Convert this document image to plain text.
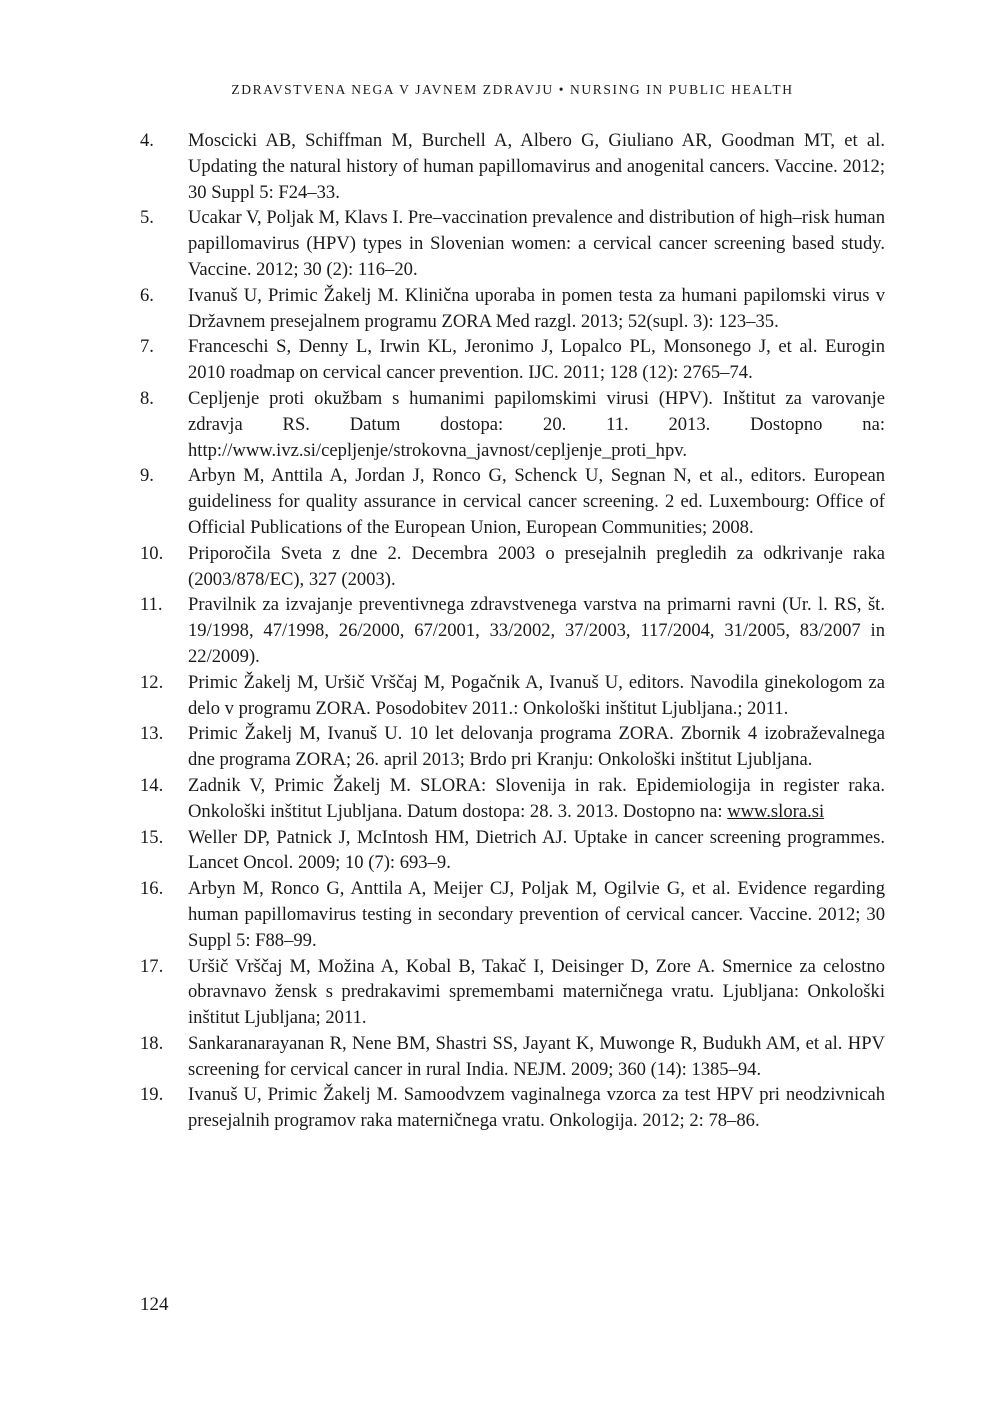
ZDRAVSTVENA NEGA V JAVNEM ZDRAVJU • NURSING IN PUBLIC HEALTH
4.	Moscicki AB, Schiffman M, Burchell A, Albero G, Giuliano AR, Goodman MT, et al. Updating the natural history of human papillomavirus and anogenital cancers. Vaccine. 2012; 30 Suppl 5: F24–33.
5.	Ucakar V, Poljak M, Klavs I. Pre–vaccination prevalence and distribution of high–risk human papillomavirus (HPV) types in Slovenian women: a cervical cancer screening based study. Vaccine. 2012; 30 (2): 116–20.
6.	Ivanuš U, Primic Žakelj M. Klinična uporaba in pomen testa za humani papilomski virus v Državnem presejalnem programu ZORA Med razgl. 2013; 52(supl. 3): 123–35.
7.	Franceschi S, Denny L, Irwin KL, Jeronimo J, Lopalco PL, Monsonego J, et al. Eurogin 2010 roadmap on cervical cancer prevention. IJC. 2011; 128 (12): 2765–74.
8.	Cepljenje proti okužbam s humanimi papilomskimi virusi (HPV). Inštitut za varovanje zdravja RS. Datum dostopa: 20. 11. 2013. Dostopno na: http://www.ivz.si/cepljenje/strokovna_javnost/cepljenje_proti_hpv.
9.	Arbyn M, Anttila A, Jordan J, Ronco G, Schenck U, Segnan N, et al., editors. European guideliness for quality assurance in cervical cancer screening. 2 ed. Luxembourg: Office of Official Publications of the European Union, European Communities; 2008.
10.	Priporočila Sveta z dne 2. Decembra 2003 o presejalnih pregledih za odkrivanje raka (2003/878/EC), 327 (2003).
11.	Pravilnik za izvajanje preventivnega zdravstvenega varstva na primarni ravni (Ur. l. RS, št. 19/1998, 47/1998, 26/2000, 67/2001, 33/2002, 37/2003, 117/2004, 31/2005, 83/2007 in 22/2009).
12.	Primic Žakelj M, Uršič Vrščaj M, Pogačnik A, Ivanuš U, editors. Navodila ginekologom za delo v programu ZORA. Posodobitev 2011.: Onkološki inštitut Ljubljana.; 2011.
13.	Primic Žakelj M, Ivanuš U. 10 let delovanja programa ZORA. Zbornik 4 izobraževalnega dne programa ZORA; 26. april 2013; Brdo pri Kranju: Onkološki inštitut Ljubljana.
14.	Zadnik V, Primic Žakelj M. SLORA: Slovenija in rak. Epidemiologija in register raka. Onkološki inštitut Ljubljana. Datum dostopa: 28. 3. 2013. Dostopno na: www.slora.si
15.	Weller DP, Patnick J, McIntosh HM, Dietrich AJ. Uptake in cancer screening programmes. Lancet Oncol. 2009; 10 (7): 693–9.
16.	Arbyn M, Ronco G, Anttila A, Meijer CJ, Poljak M, Ogilvie G, et al. Evidence regarding human papillomavirus testing in secondary prevention of cervical cancer. Vaccine. 2012; 30 Suppl 5: F88–99.
17.	Uršič Vrščaj M, Možina A, Kobal B, Takač I, Deisinger D, Zore A. Smernice za celostno obravnavo žensk s predrakavimi spremembami materničnega vratu. Ljubljana: Onkološki inštitut Ljubljana; 2011.
18.	Sankaranarayanan R, Nene BM, Shastri SS, Jayant K, Muwonge R, Budukh AM, et al. HPV screening for cervical cancer in rural India. NEJM. 2009; 360 (14): 1385–94.
19.	Ivanuš U, Primic Žakelj M. Samoodvzem vaginalnega vzorca za test HPV pri neodzivnicah presejalnih programov raka materničnega vratu. Onkologija. 2012; 2: 78–86.
124
